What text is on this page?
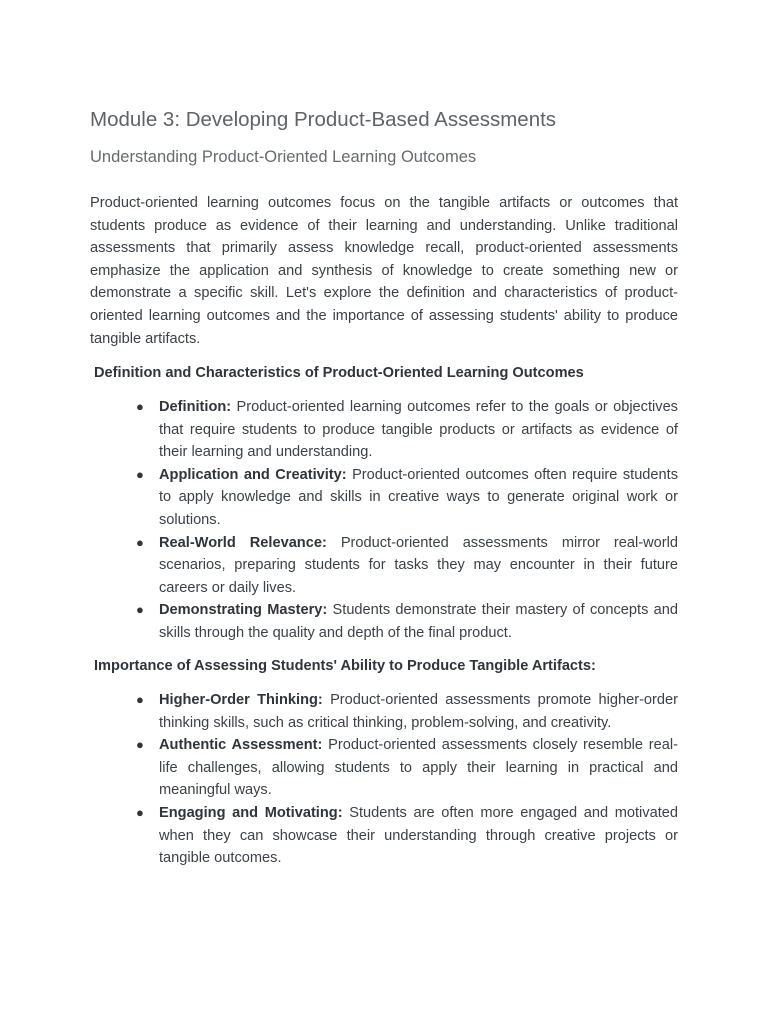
Module 3: Developing Product-Based Assessments
Understanding Product-Oriented Learning Outcomes

Product-oriented learning outcomes focus on the tangible artifacts or outcomes that students produce as evidence of their learning and understanding. Unlike traditional assessments that primarily assess knowledge recall, product-oriented assessments emphasize the application and synthesis of knowledge to create something new or demonstrate a specific skill. Let's explore the definition and characteristics of product-oriented learning outcomes and the importance of assessing students' ability to produce tangible artifacts.

Definition and Characteristics of Product-Oriented Learning Outcomes
● Definition: Product-oriented learning outcomes refer to the goals or objectives that require students to produce tangible products or artifacts as evidence of their learning and understanding.
● Application and Creativity: Product-oriented outcomes often require students to apply knowledge and skills in creative ways to generate original work or solutions.
● Real-World Relevance: Product-oriented assessments mirror real-world scenarios, preparing students for tasks they may encounter in their future careers or daily lives.
● Demonstrating Mastery: Students demonstrate their mastery of concepts and skills through the quality and depth of the final product.
Importance of Assessing Students' Ability to Produce Tangible Artifacts:
● Higher-Order Thinking: Product-oriented assessments promote higher-order thinking skills, such as critical thinking, problem-solving, and creativity.
● Authentic Assessment: Product-oriented assessments closely resemble real-life challenges, allowing students to apply their learning in practical and meaningful ways.
● Engaging and Motivating: Students are often more engaged and motivated when they can showcase their understanding through creative projects or tangible outcomes.
